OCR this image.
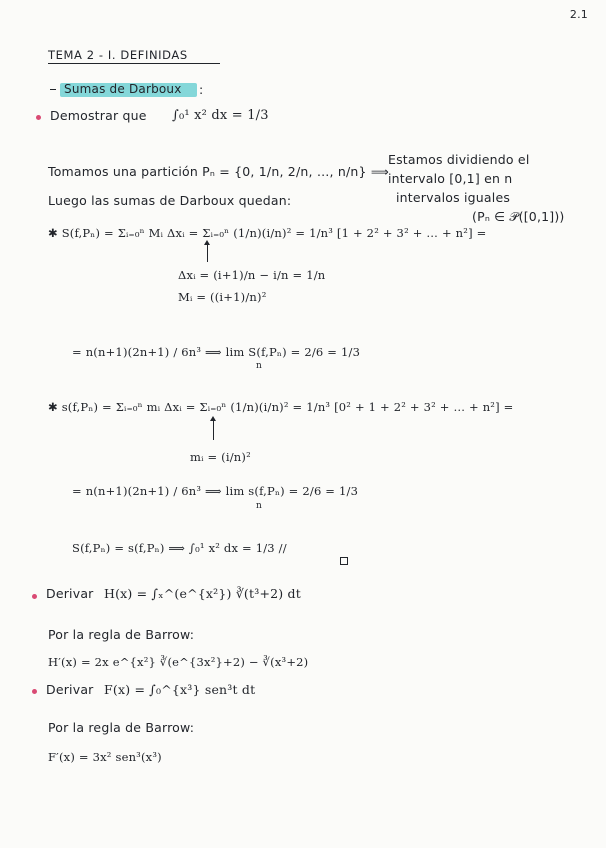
2.1
TEMA 2 - I. DEFINIDAS
Sumas de Darboux :
Demostrar que ∫₀¹ x² dx = 1/3
Tomamos una partición Pₙ = {0, 1/n, 2/n, …, n/n} ⟹
Estamos dividiendo el
intervalo [0,1] en n
intervalos iguales
(Pₙ ∈ 𝒫([0,1]))
Luego las sumas de Darboux quedan:
✱ S(f,Pₙ) = Σᵢ₌₀ⁿ Mᵢ Δxᵢ = Σᵢ₌₀ⁿ (1/n)(i/n)² = 1/n³ [1 + 2² + 3² + … + n²] =
Δxᵢ = (i+1)/n − i/n = 1/n
Mᵢ = ((i+1)/n)²
= n(n+1)(2n+1) / 6n³ ⟹ lim S(f,Pₙ) = 2/6 = 1/3
n
✱ s(f,Pₙ) = Σᵢ₌₀ⁿ mᵢ Δxᵢ = Σᵢ₌₀ⁿ (1/n)(i/n)² = 1/n³ [0² + 1 + 2² + 3² + … + n²] =
mᵢ = (i/n)²
= n(n+1)(2n+1) / 6n³ ⟹ lim s(f,Pₙ) = 2/6 = 1/3
n
S(f,Pₙ) = s(f,Pₙ) ⟹ ∫₀¹ x² dx = 1/3 //
Derivar H(x) = ∫ₓ^(e^{x²}) ∛(t³+2) dt
Por la regla de Barrow:
H′(x) = 2x e^{x²} ∛(e^{3x²}+2) − ∛(x³+2)
Derivar F(x) = ∫₀^{x³} sen³t dt
Por la regla de Barrow:
F′(x) = 3x² sen³(x³)
